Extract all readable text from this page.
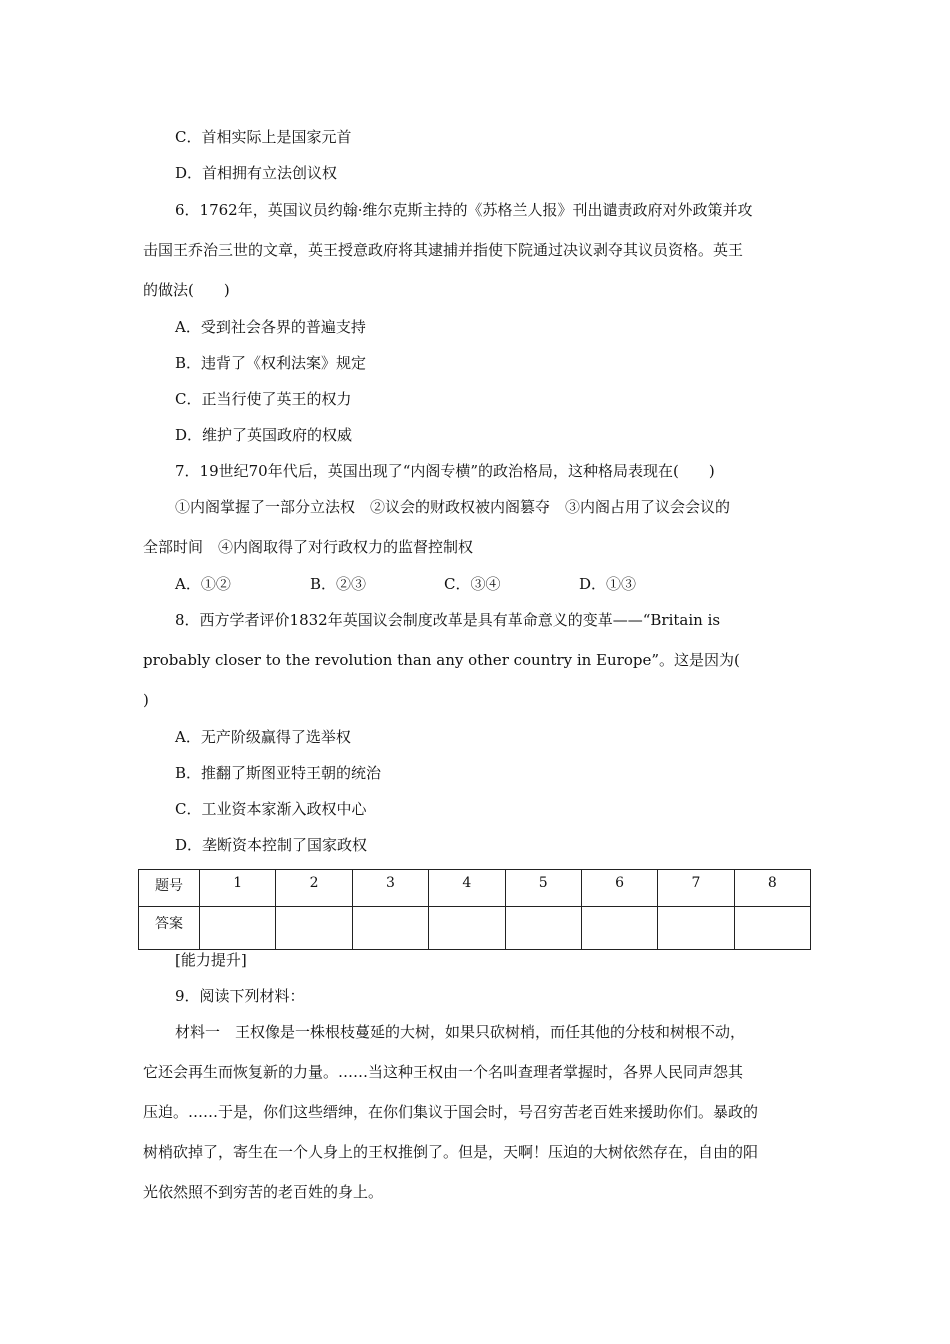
C．首相实际上是国家元首
D．首相拥有立法创议权
6．1762年，英国议员约翰·维尔克斯主持的《苏格兰人报》刊出谴责政府对外政策并攻
击国王乔治三世的文章，英王授意政府将其逮捕并指使下院通过决议剥夺其议员资格。英王
的做法(　　)
A．受到社会各界的普遍支持
B．违背了《权利法案》规定
C．正当行使了英王的权力
D．维护了英国政府的权威
7．19世纪70年代后，英国出现了“内阁专横”的政治格局，这种格局表现在(　　)
①内阁掌握了一部分立法权　②议会的财政权被内阁篡夺　③内阁占用了议会会议的
全部时间　④内阁取得了对行政权力的监督控制权
A．①②	B．②③	C．③④	D．①③
8．西方学者评价1832年英国议会制度改革是具有革命意义的变革——“Britain is
probably closer to the revolution than any other country in Europe”。这是因为(
)
A．无产阶级赢得了选举权
B．推翻了斯图亚特王朝的统治
C．工业资本家渐入政权中心
D．垄断资本控制了国家政权
题号	1	2	3	4	5	6	7	8
答案								
[能力提升]
9．阅读下列材料：
材料一　王权像是一株根枝蔓延的大树，如果只砍树梢，而任其他的分枝和树根不动，
它还会再生而恢复新的力量。……当这种王权由一个名叫查理者掌握时，各界人民同声怨其
压迫。……于是，你们这些缙绅，在你们集议于国会时，号召穷苦老百姓来援助你们。暴政的
树梢砍掉了，寄生在一个人身上的王权推倒了。但是，天啊！压迫的大树依然存在，自由的阳
光依然照不到穷苦的老百姓的身上。
